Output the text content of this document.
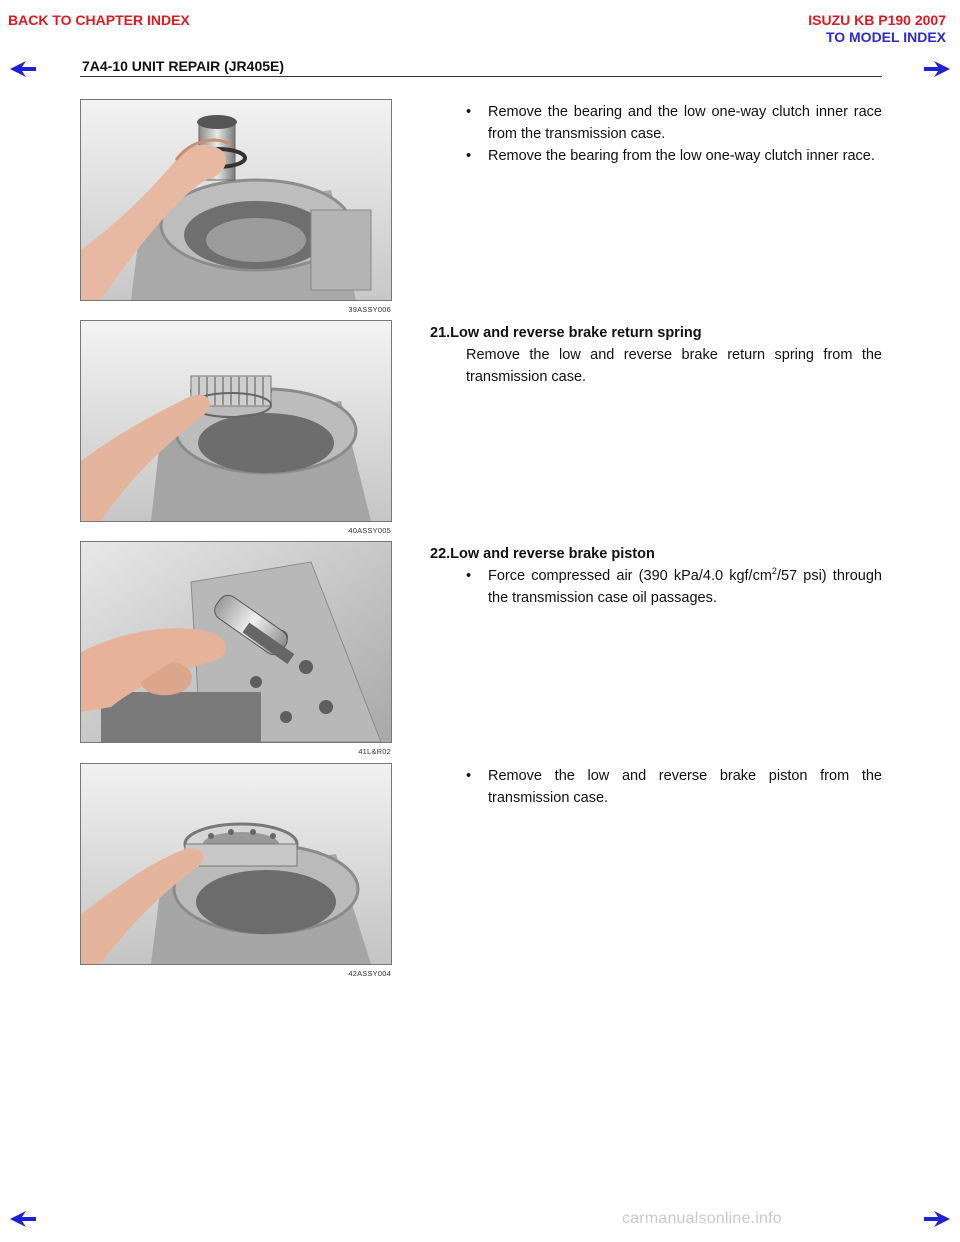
BACK TO CHAPTER INDEX	ISUZU KB P190 2007
TO MODEL INDEX
7A4-10 UNIT REPAIR (JR405E)
39ASSY006
• Remove the bearing and the low one-way clutch inner race from the transmission case.
• Remove the bearing from the low one-way clutch inner race.
40ASSY005
21.Low and reverse brake return spring
Remove the low and reverse brake return spring from the transmission case.
41L&R02
22.Low and reverse brake piston
• Force compressed air (390 kPa/4.0 kgf/$cm^2/57$ psi) through the transmission case oil passages.
42ASSY004
• Remove the low and reverse brake piston from the transmission case.
carmanualsonline.info
